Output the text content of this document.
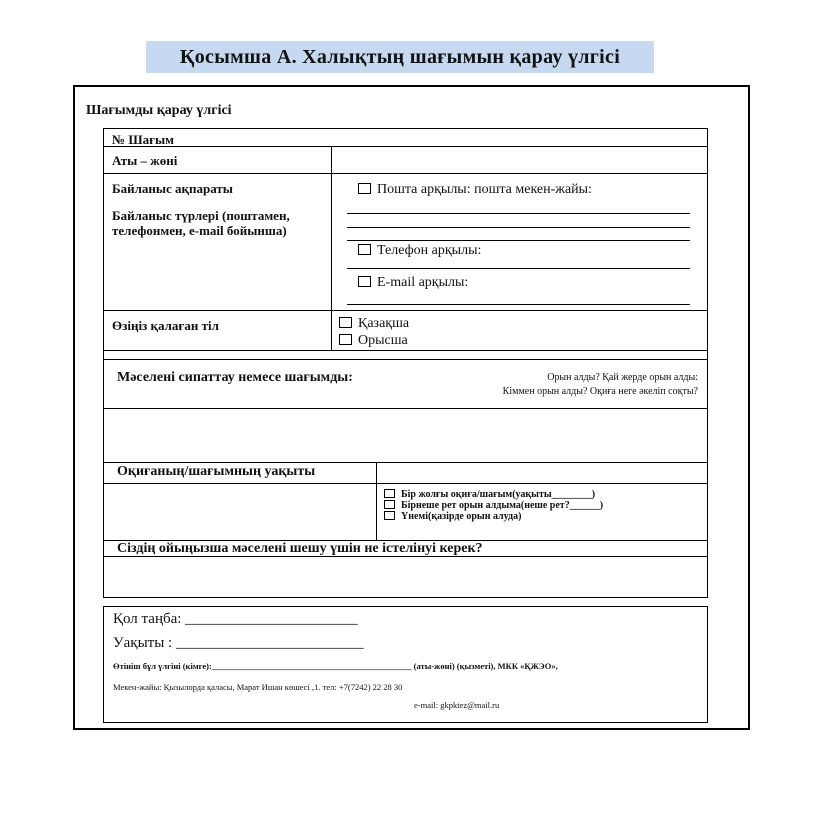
Қосымша А. Халықтың шағымын қарау үлгісі
Шағымды қарау үлгісі
№ Шағым
Аты – жөні
Байланыс ақпараты
Байланыс түрлері (поштамен, телефонмен, e-mail бойынша)
Пошта арқылы: пошта мекен-жайы:
Телефон арқылы:
E-mail арқылы:
Өзіңіз қалаған тіл	Қазақша
Орысша
Мәселені сипаттау немесе шағымды:	Орын алды? Қай жерде орын алды:
Кіммен орын алды? Оқиға неге әкеліп соқты?
Оқиғаның/шағымның уақыты
Бір жолғы оқиға/шағым(уақыты________)
Бірнеше рет орын алдыма(неше рет?______)
Үнемі(қазірде орын алуда)
Сіздің ойыңызша мәселені шешу үшін не істелінуі керек?
Қол таңба: _______________________
Уақыты : _________________________
Өтініш бұл үлгіні (кімге):_______________________________________________ (аты-жөні) (қызметі), МКК «ҚЖЭО»,
Мекен-жайы: Қызылорда қаласы, Марат Ишан көшесі ,1. тел: +7(7242) 22 28 30
e-mail: gkpktez@mail.ru
